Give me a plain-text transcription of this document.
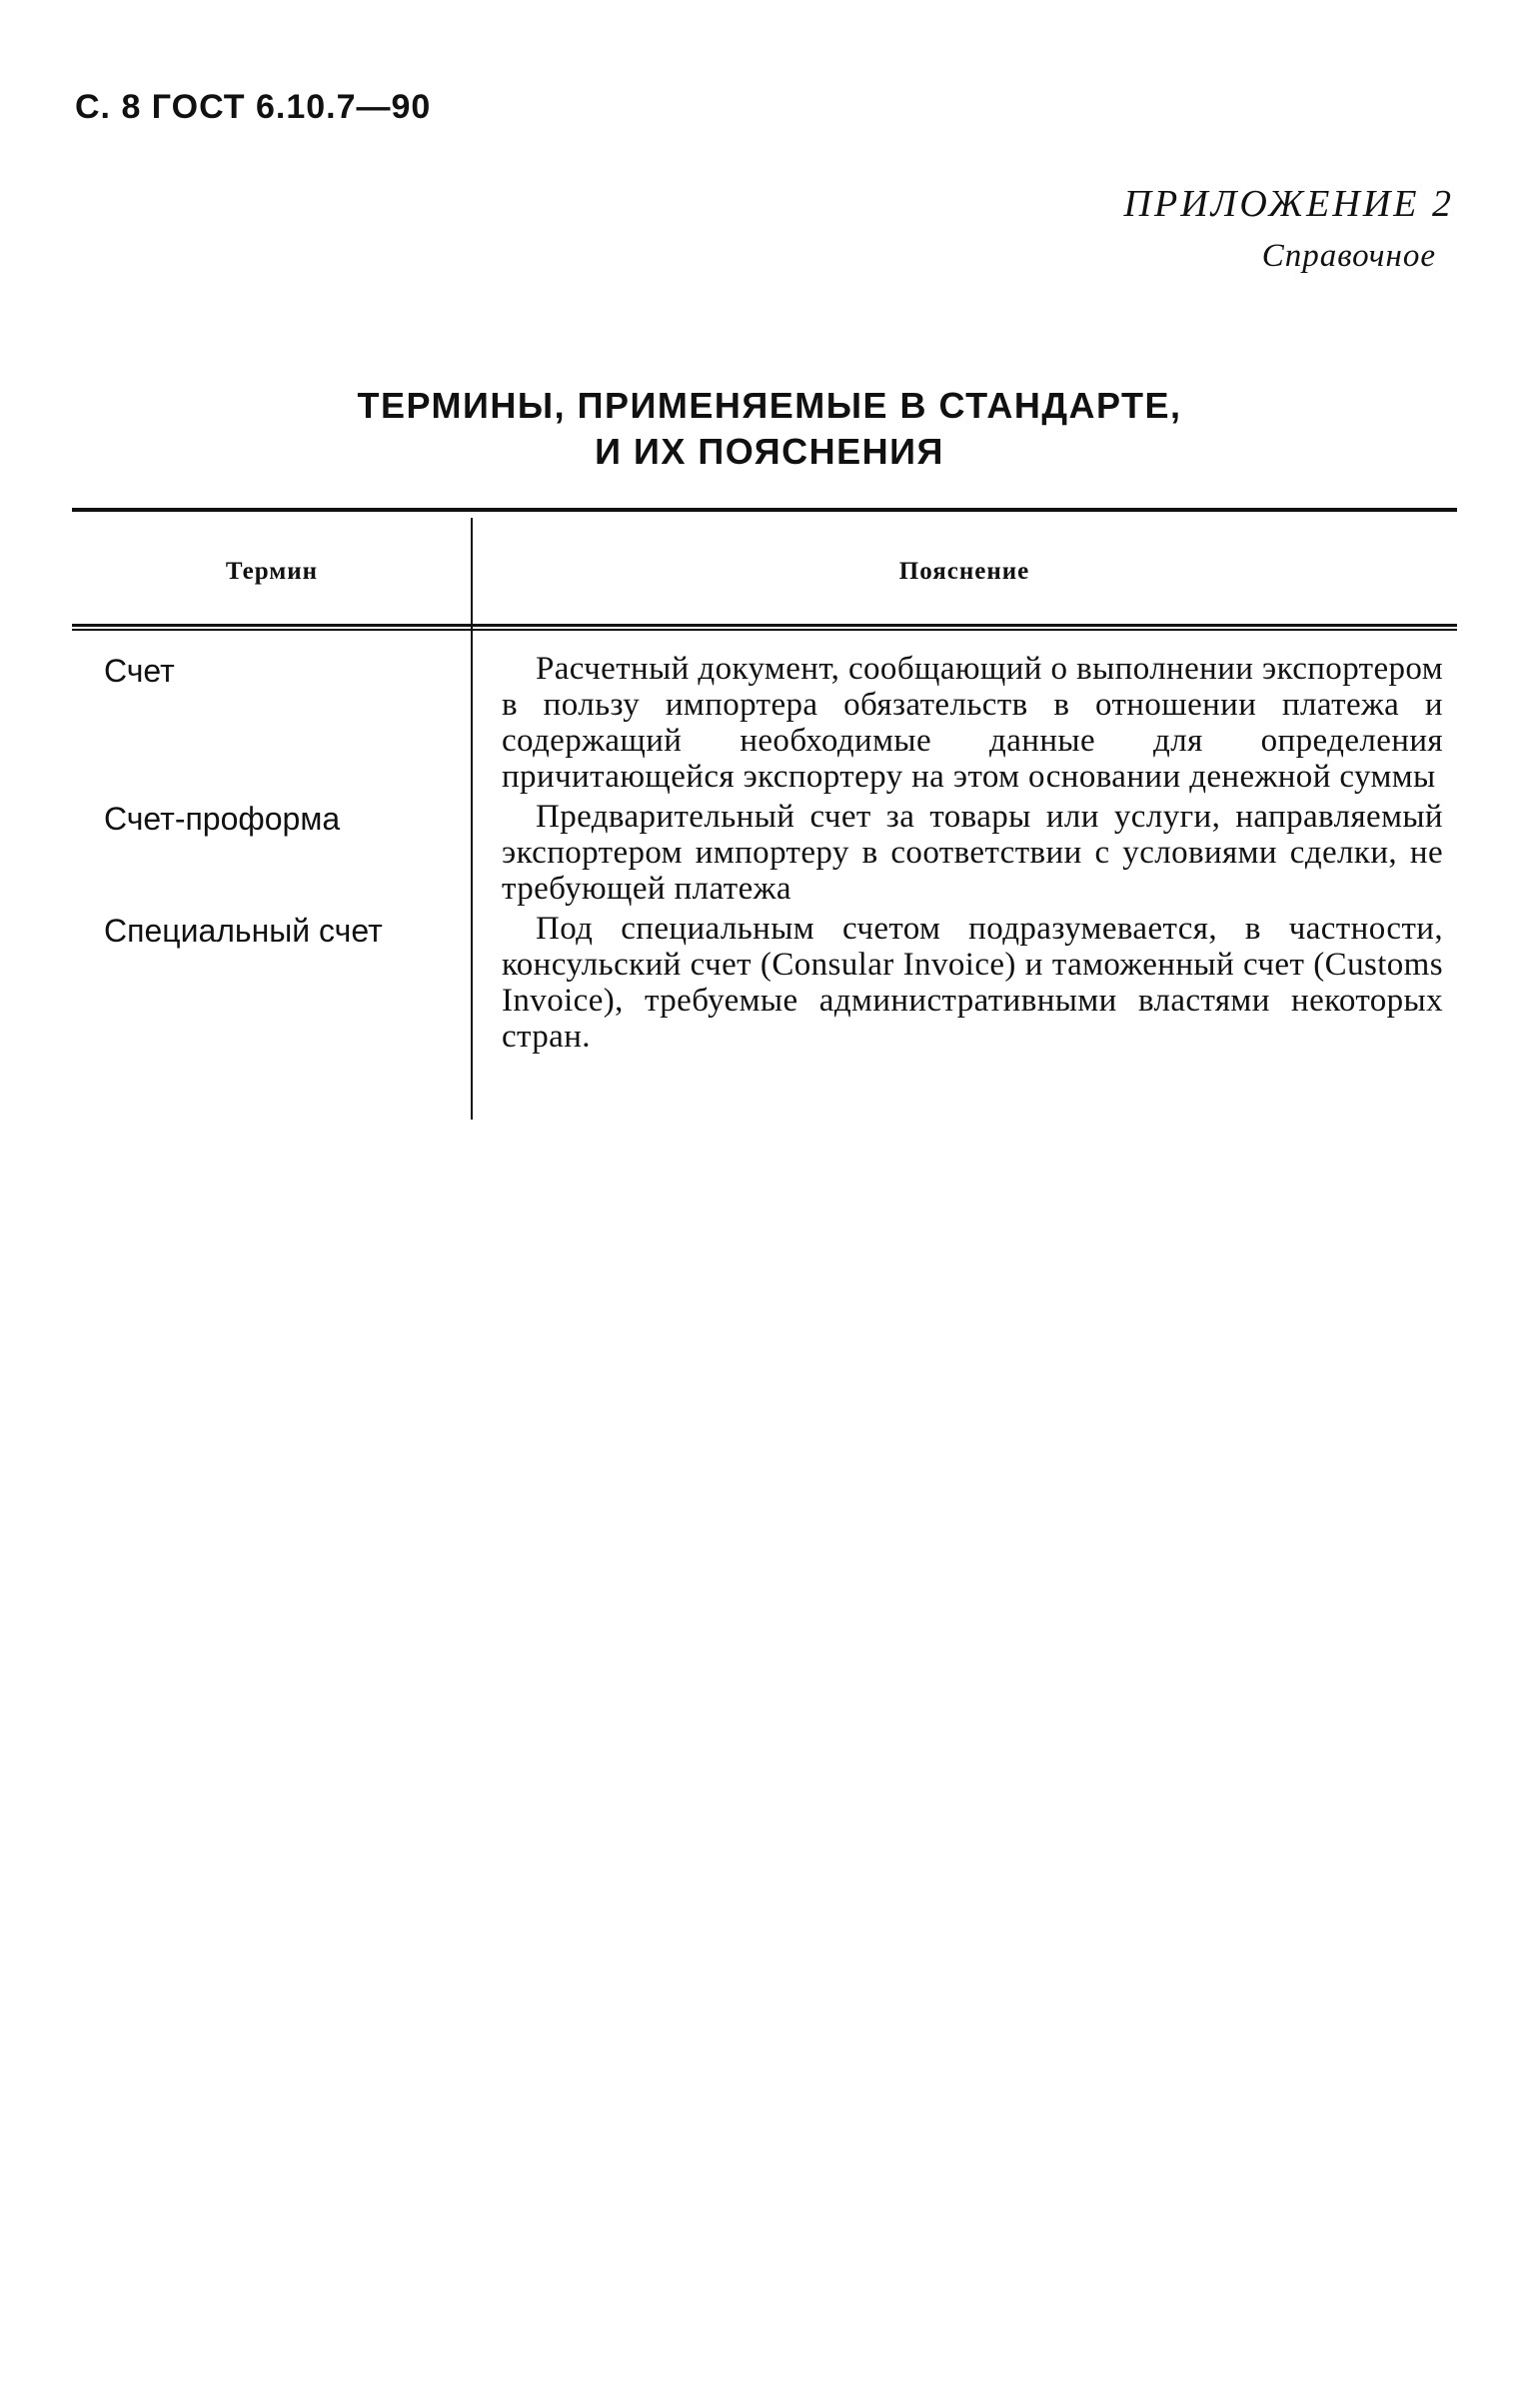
С. 8 ГОСТ 6.10.7—90
ПРИЛОЖЕНИЕ 2
Справочное
ТЕРМИНЫ, ПРИМЕНЯЕМЫЕ В СТАНДАРТЕ,
И ИХ ПОЯСНЕНИЯ
Термин	Пояснение
Счет	Расчетный документ, сообщающий о выполнении экспортером в пользу импортера обязательств в отношении платежа и содержащий необходимые данные для определения причитающейся экспортеру на этом основании денежной суммы
Счет-проформа	Предварительный счет за товары или услуги, направляемый экспортером импортеру в соответствии с условиями сделки, не требующей платежа
Специальный счет	Под специальным счетом подразумевается, в частности, консульский счет (Consular Invoice) и таможенный счет (Customs Invoice), требуемые административными властями некоторых стран.
